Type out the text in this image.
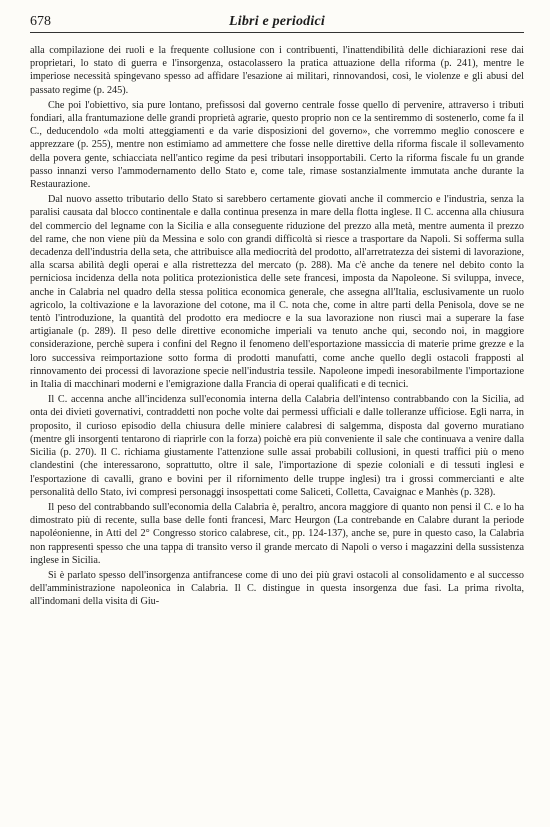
678	Libri e periodici

alla compilazione dei ruoli e la frequente collusione con i contribuenti, l'inattendibilità delle dichiarazioni rese dai proprietari, lo stato di guerra e l'insorgenza, ostacolassero la pratica attuazione della riforma (p. 241), mentre le imperiose necessità spingevano spesso ad affidare l'esazione ai militari, rinnovandosi, così, le violenze e gli abusi del passato regime (p. 245).

Che poi l'obiettivo, sia pure lontano, prefissosi dal governo centrale fosse quello di pervenire, attraverso i tributi fondiari, alla frantumazione delle grandi proprietà agrarie, questo proprio non ce la sentiremmo di sostenerlo, come fa il C., deducendolo «da molti atteggiamenti e da varie disposizioni del governo», che vorremmo meglio conoscere e apprezzare (p. 255), mentre non estimiamo ad ammettere che fosse nelle direttive della riforma fiscale il sollevamento della povera gente, schiacciata nell'antico regime da pesi tributari insopportabili. Certo la riforma fiscale fu un grande passo innanzi verso l'ammodernamento dello Stato e, come tale, rimase sostanzialmente immutata anche durante la Restaurazione.

Dal nuovo assetto tributario dello Stato si sarebbero certamente giovati anche il commercio e l'industria, senza la paralisi causata dal blocco continentale e dalla continua presenza in mare della flotta inglese. Il C. accenna alla chiusura del commercio del legname con la Sicilia e alla conseguente riduzione del prezzo alla metà, mentre aumenta il prezzo del rame, che non viene più da Messina e solo con grandi difficoltà si riesce a trasportare da Napoli. Si sofferma sulla decadenza dell'industria della seta, che attribuisce alla mediocrità del prodotto, all'arretratezza dei sistemi di lavorazione, alla scarsa abilità degli operai e alla ristrettezza del mercato (p. 288). Ma c'è anche da tenere nel debito conto la perniciosa incidenza della nota politica protezionistica delle sete francesi, imposta da Napoleone. Si sviluppa, invece, anche in Calabria nel quadro della stessa politica economica generale, che assegna all'Italia, esclusivamente un ruolo agricolo, la coltivazione e la lavorazione del cotone, ma il C. nota che, come in altre parti della Penisola, dove se ne tentò l'introduzione, la quantità del prodotto era mediocre e la sua lavorazione non riuscì mai a superare la fase artigianale (p. 289). Il peso delle direttive economiche imperiali va tenuto anche qui, secondo noi, in maggiore considerazione, perchè supera i confini del Regno il fenomeno dell'esportazione massiccia di materie prime grezze e la loro successiva reimportazione sotto forma di prodotti manufatti, come anche quello degli ostacoli frapposti al rinnovamento dei processi di lavorazione specie nell'industria tessile. Napoleone impedì inesorabilmente l'importazione in Italia di macchinari moderni e l'emigrazione dalla Francia di operai qualificati e di tecnici.

Il C. accenna anche all'incidenza sull'economia interna della Calabria dell'intenso contrabbando con la Sicilia, ad onta dei divieti governativi, contraddetti non poche volte dai permessi ufficiali e dalle tolleranze ufficiose. Egli narra, in proposito, il curioso episodio della chiusura delle miniere calabresi di salgemma, disposta dal governo muratiano (mentre gli insorgenti tentarono di riaprirle con la forza) poichè era più conveniente il sale che continuava a venire dalla Sicilia (p. 270). Il C. richiama giustamente l'attenzione sulle assai probabili collusioni, in questi traffici più o meno clandestini (che interessarono, soprattutto, oltre il sale, l'importazione di spezie coloniali e di tessuti inglesi e l'esportazione di cavalli, grano e bovini per il rifornimento delle truppe inglesi) tra i grossi commercianti e alte personalità dello Stato, ivi compresi personaggi insospettati come Saliceti, Colletta, Cavaignac e Manhès (p. 328).

Il peso del contrabbando sull'economia della Calabria è, peraltro, ancora maggiore di quanto non pensi il C. e lo ha dimostrato più di recente, sulla base delle fonti francesi, Marc Heurgon (La contrebande en Calabre durant la periode napoléonienne, in Atti del 2° Congresso storico calabrese, cit., pp. 124-137), anche se, pure in questo caso, la Calabria non rappresentì spesso che una tappa di transito verso il grande mercato di Napoli o verso i magazzini della sussistenza inglese in Sicilia.

Si è parlato spesso dell'insorgenza antifrancese come di uno dei più gravi ostacoli al consolidamento e al successo dell'amministrazione napoleonica in Calabria. Il C. distingue in questa insorgenza due fasi. La prima rivolta, all'indomani della visita di Giu-
